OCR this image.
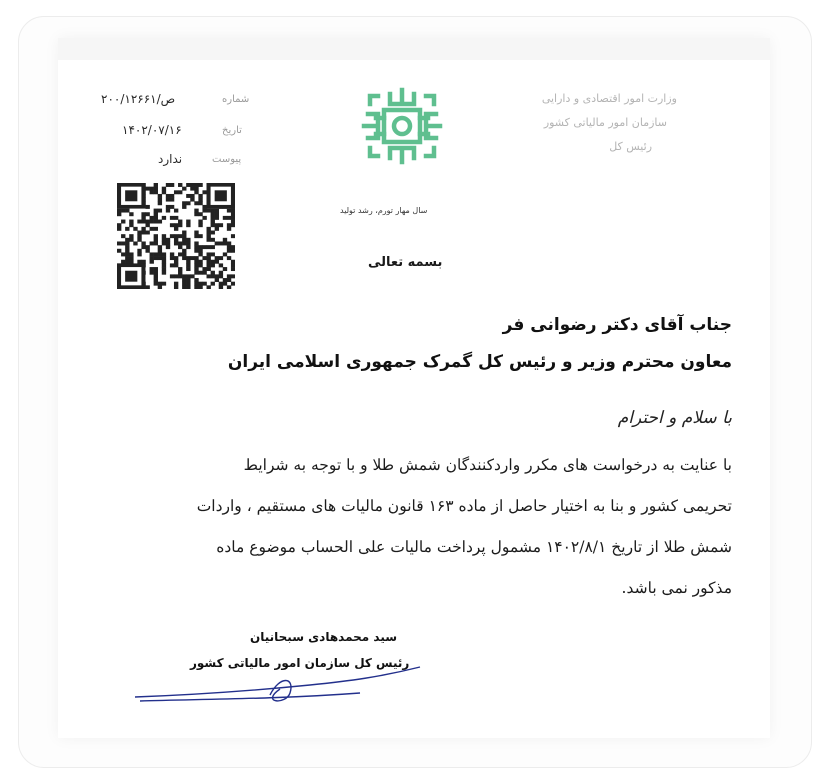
۲۰۰/۱۲۶۶۱/ص	شماره
۱۴۰۲/۰۷/۱۶	تاریخ
ندارد	پیوست
وزارت امور اقتصادی و دارایی
سازمان امور مالیاتی کشور
رئیس کل
سال مهار تورم، رشد تولید
بسمه تعالی
جناب آقای دکتر رضوانی فر
معاون محترم وزیر و رئیس کل گمرک جمهوری اسلامی ایران
با سلام و احترام
با عنایت به درخواست های مکرر واردکنندگان شمش طلا و با توجه به شرایط
تحریمی کشور و بنا به اختیار حاصل از ماده ۱۶۳ قانون مالیات های مستقیم ، واردات
شمش طلا از تاریخ ۱۴۰۲/۸/۱ مشمول پرداخت مالیات علی الحساب موضوع ماده
مذکور نمی باشد.
سید محمدهادی سبحانیان
رئیس کل سازمان امور مالیاتی کشور
